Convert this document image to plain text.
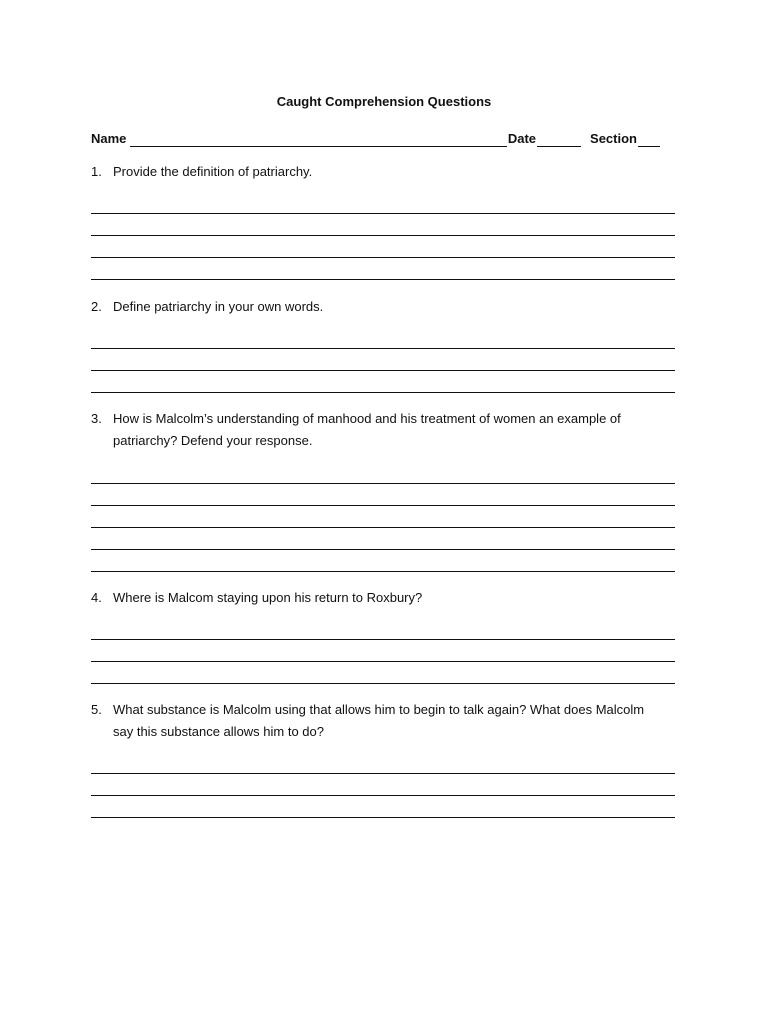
Caught Comprehension Questions
Name	Date	Section
1. Provide the definition of patriarchy.
2. Define patriarchy in your own words.
3. How is Malcolm’s understanding of manhood and his treatment of women an example of patriarchy? Defend your response.
4. Where is Malcom staying upon his return to Roxbury?
5. What substance is Malcolm using that allows him to begin to talk again? What does Malcolm say this substance allows him to do?
